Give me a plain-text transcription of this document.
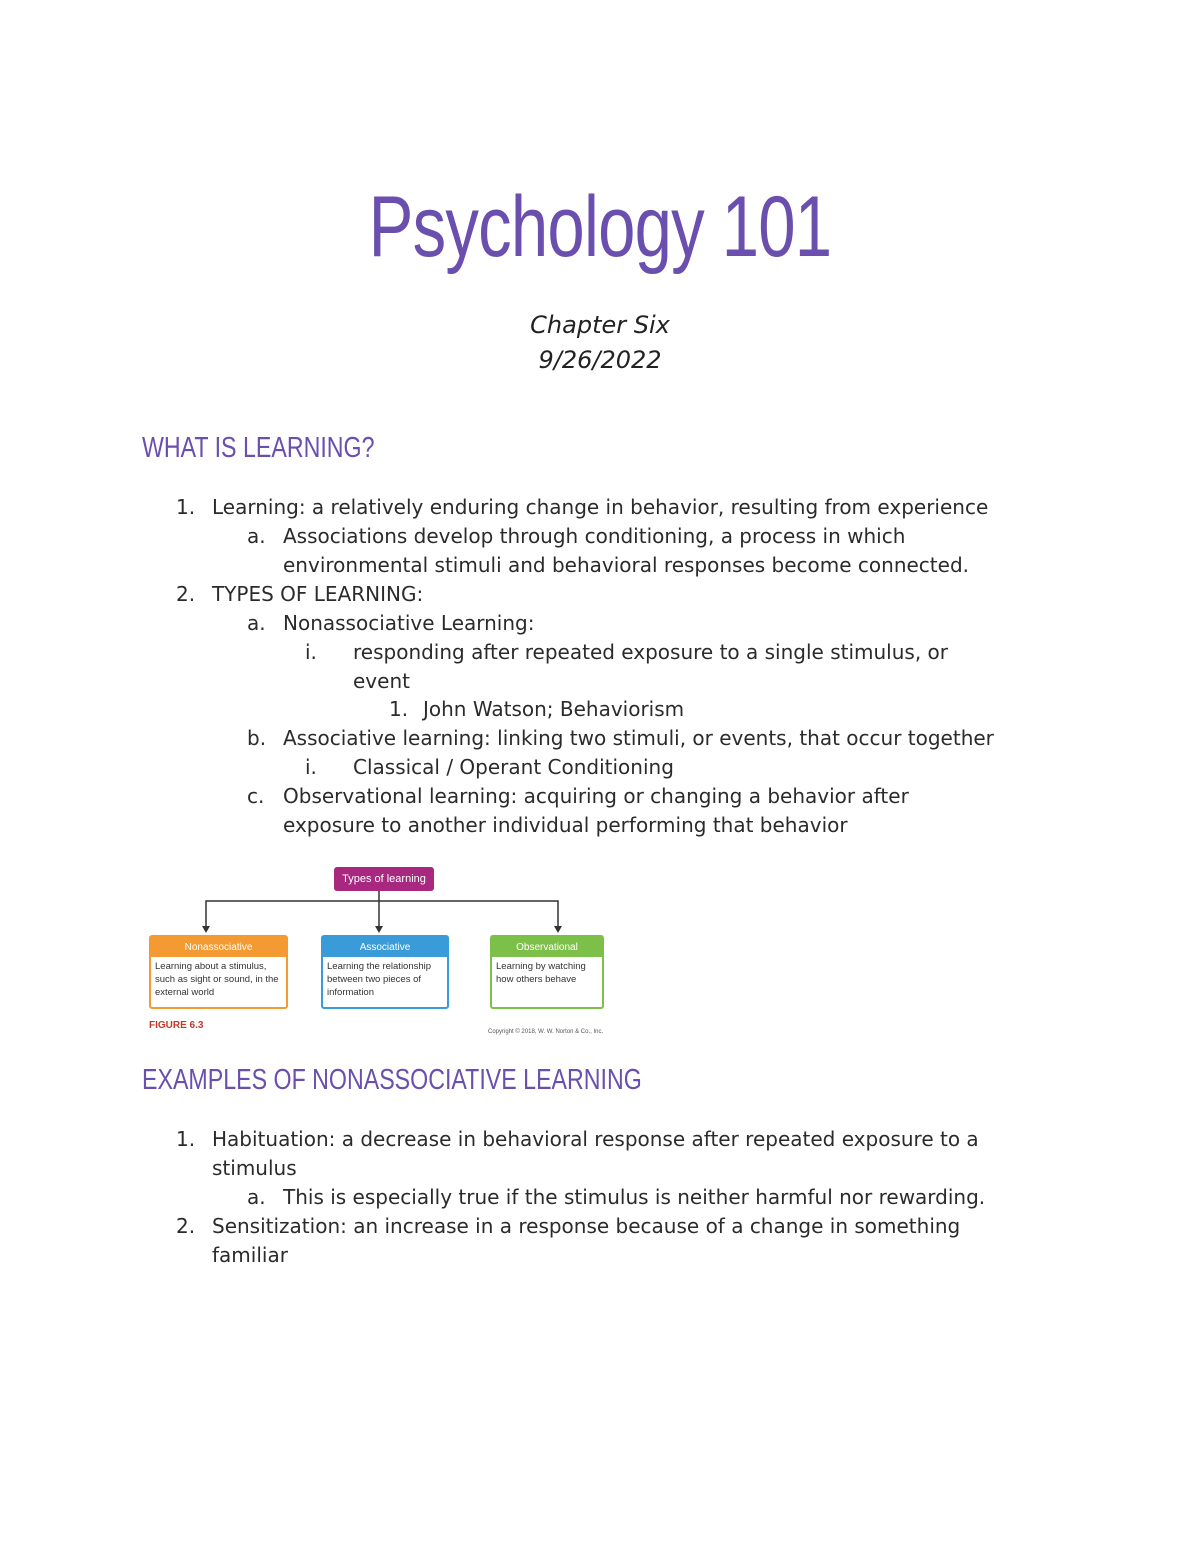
Psychology 101
Chapter Six
9/26/2022
WHAT IS LEARNING?
1. Learning: a relatively enduring change in behavior, resulting from experience
a. Associations develop through conditioning, a process in which
environmental stimuli and behavioral responses become connected.
2. TYPES OF LEARNING:
a. Nonassociative Learning:
i. responding after repeated exposure to a single stimulus, or
event
1. John Watson; Behaviorism
b. Associative learning: linking two stimuli, or events, that occur together
i. Classical / Operant Conditioning
c. Observational learning: acquiring or changing a behavior after
exposure to another individual performing that behavior
Types of learning
Nonassociative
Learning about a stimulus, such as sight or sound, in the external world
Associative
Learning the relationship between two pieces of information
Observational
Learning by watching how others behave
FIGURE 6.3
Copyright © 2018, W. W. Norton & Co., Inc.
EXAMPLES OF NONASSOCIATIVE LEARNING
1. Habituation: a decrease in behavioral response after repeated exposure to a
stimulus
a. This is especially true if the stimulus is neither harmful nor rewarding.
2. Sensitization: an increase in a response because of a change in something
familiar
